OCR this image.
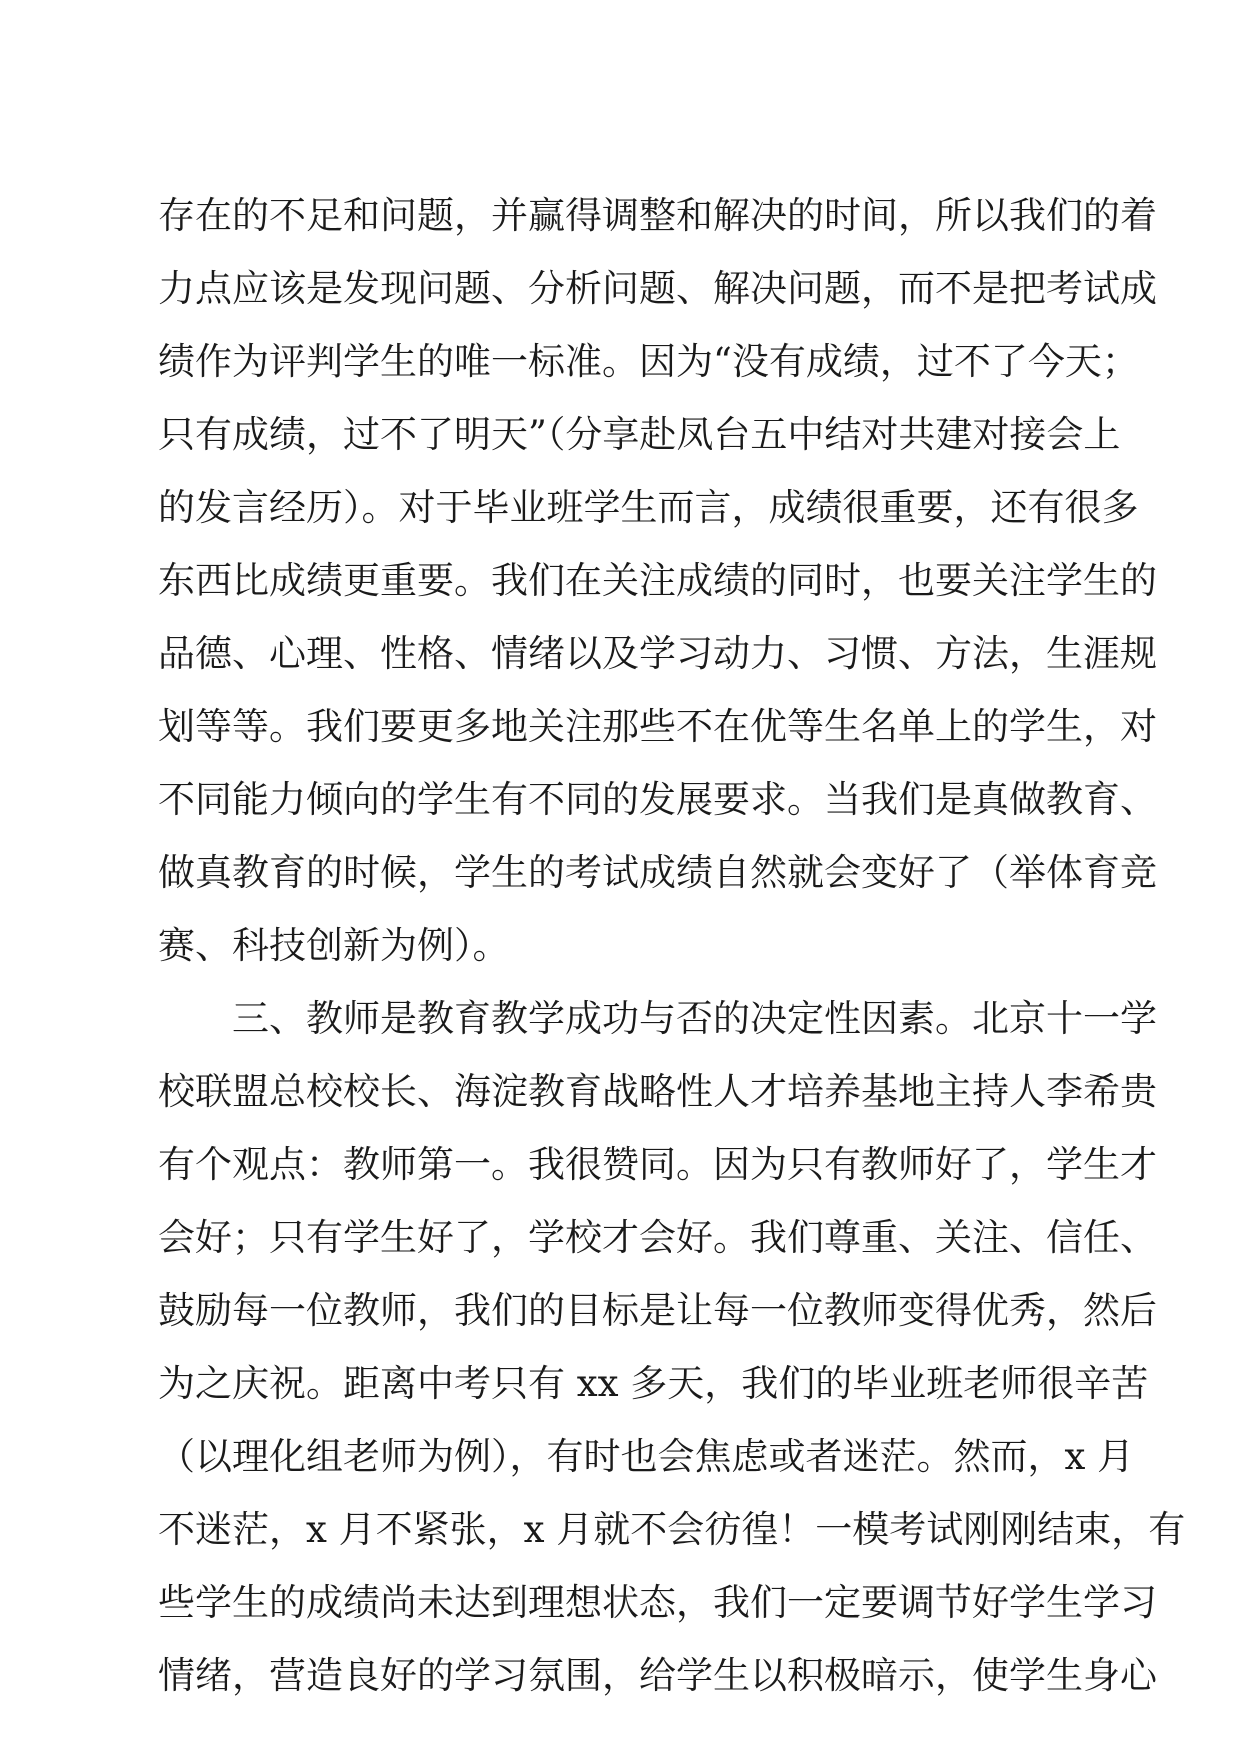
存在的不足和问题，并赢得调整和解决的时间，所以我们的着
力点应该是发现问题、分析问题、解决问题，而不是把考试成
绩作为评判学生的唯一标准。因为“没有成绩，过不了今天；
只有成绩，过不了明天”（分享赴凤台五中结对共建对接会上
的发言经历）。对于毕业班学生而言，成绩很重要，还有很多
东西比成绩更重要。我们在关注成绩的同时，也要关注学生的
品德、心理、性格、情绪以及学习动力、习惯、方法，生涯规
划等等。我们要更多地关注那些不在优等生名单上的学生，对
不同能力倾向的学生有不同的发展要求。当我们是真做教育、
做真教育的时候，学生的考试成绩自然就会变好了（举体育竞
赛、科技创新为例）。
三、教师是教育教学成功与否的决定性因素。北京十一学
校联盟总校校长、海淀教育战略性人才培养基地主持人李希贵
有个观点：教师第一。我很赞同。因为只有教师好了，学生才
会好；只有学生好了，学校才会好。我们尊重、关注、信任、
鼓励每一位教师，我们的目标是让每一位教师变得优秀，然后
为之庆祝。距离中考只有 xx 多天，我们的毕业班老师很辛苦
（以理化组老师为例），有时也会焦虑或者迷茫。然而，x 月
不迷茫，x 月不紧张，x 月就不会彷徨！一模考试刚刚结束，有
些学生的成绩尚未达到理想状态，我们一定要调节好学生学习
情绪，营造良好的学习氛围，给学生以积极暗示，使学生身心
